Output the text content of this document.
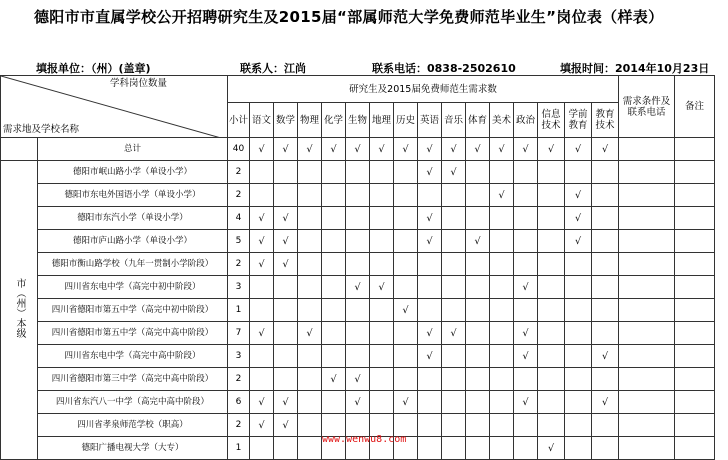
德阳市市直属学校公开招聘研究生及2015届“部属师范大学免费师范毕业生”岗位表（样表）
填报单位：（州）(盖章)	联系人：江尚	联系电话：0838-2502610	填报时间：2014年10月23日
学科岗位数量
需求地及学校名称		研究生及2015届免费师范生需求数																需求条件及联系电话	备注
		小计	语文	数学	物理	化学	生物	地理	历史	英语	音乐	体育	美术	政治	信息技术	学前教育	教育技术		
	总计	40	√	√	√	√	√	√	√	√	√	√	√	√	√	√	√		
市（州）本级	德阳市岷山路小学（单设小学）	2								√	√								
	德阳市东电外国语小学（单设小学）	2											√			√			
	德阳市东汽小学（单设小学）	4	√	√						√						√			
	德阳市庐山路小学（单设小学）	5	√	√						√		√				√			
	德阳市衡山路学校（九年一贯制小学阶段）	2	√	√															
	四川省东电中学（高完中初中阶段）	3					√	√						√					
	四川省德阳市第五中学（高完中初中阶段）	1							√										
	四川省德阳市第五中学（高完中高中阶段）	7	√		√					√	√			√					
	四川省东电中学（高完中高中阶段）	3								√				√			√		
	四川省德阳市第三中学（高完中高中阶段）	2				√	√												
	四川省东汽八一中学（高完中高中阶段）	6	√	√			√		√					√			√		
	四川省孝泉师范学校（职高）	2	√	√															
	德阳广播电视大学（大专）	1													√				
www.wenwu8.com
